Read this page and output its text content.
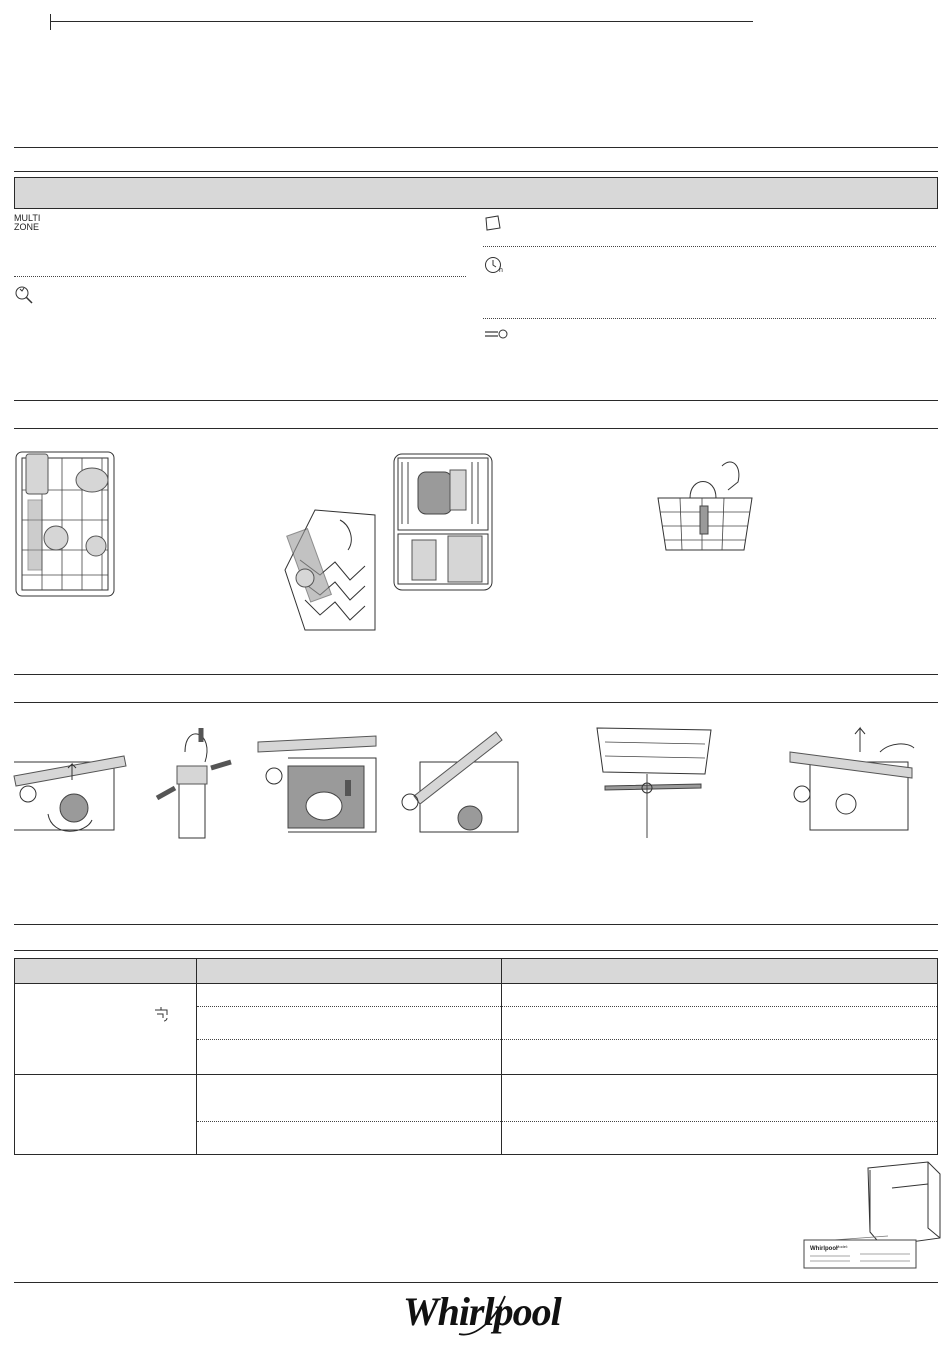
MULTI
ZONE
h

Whirlpool
Model:
Whirlpool
